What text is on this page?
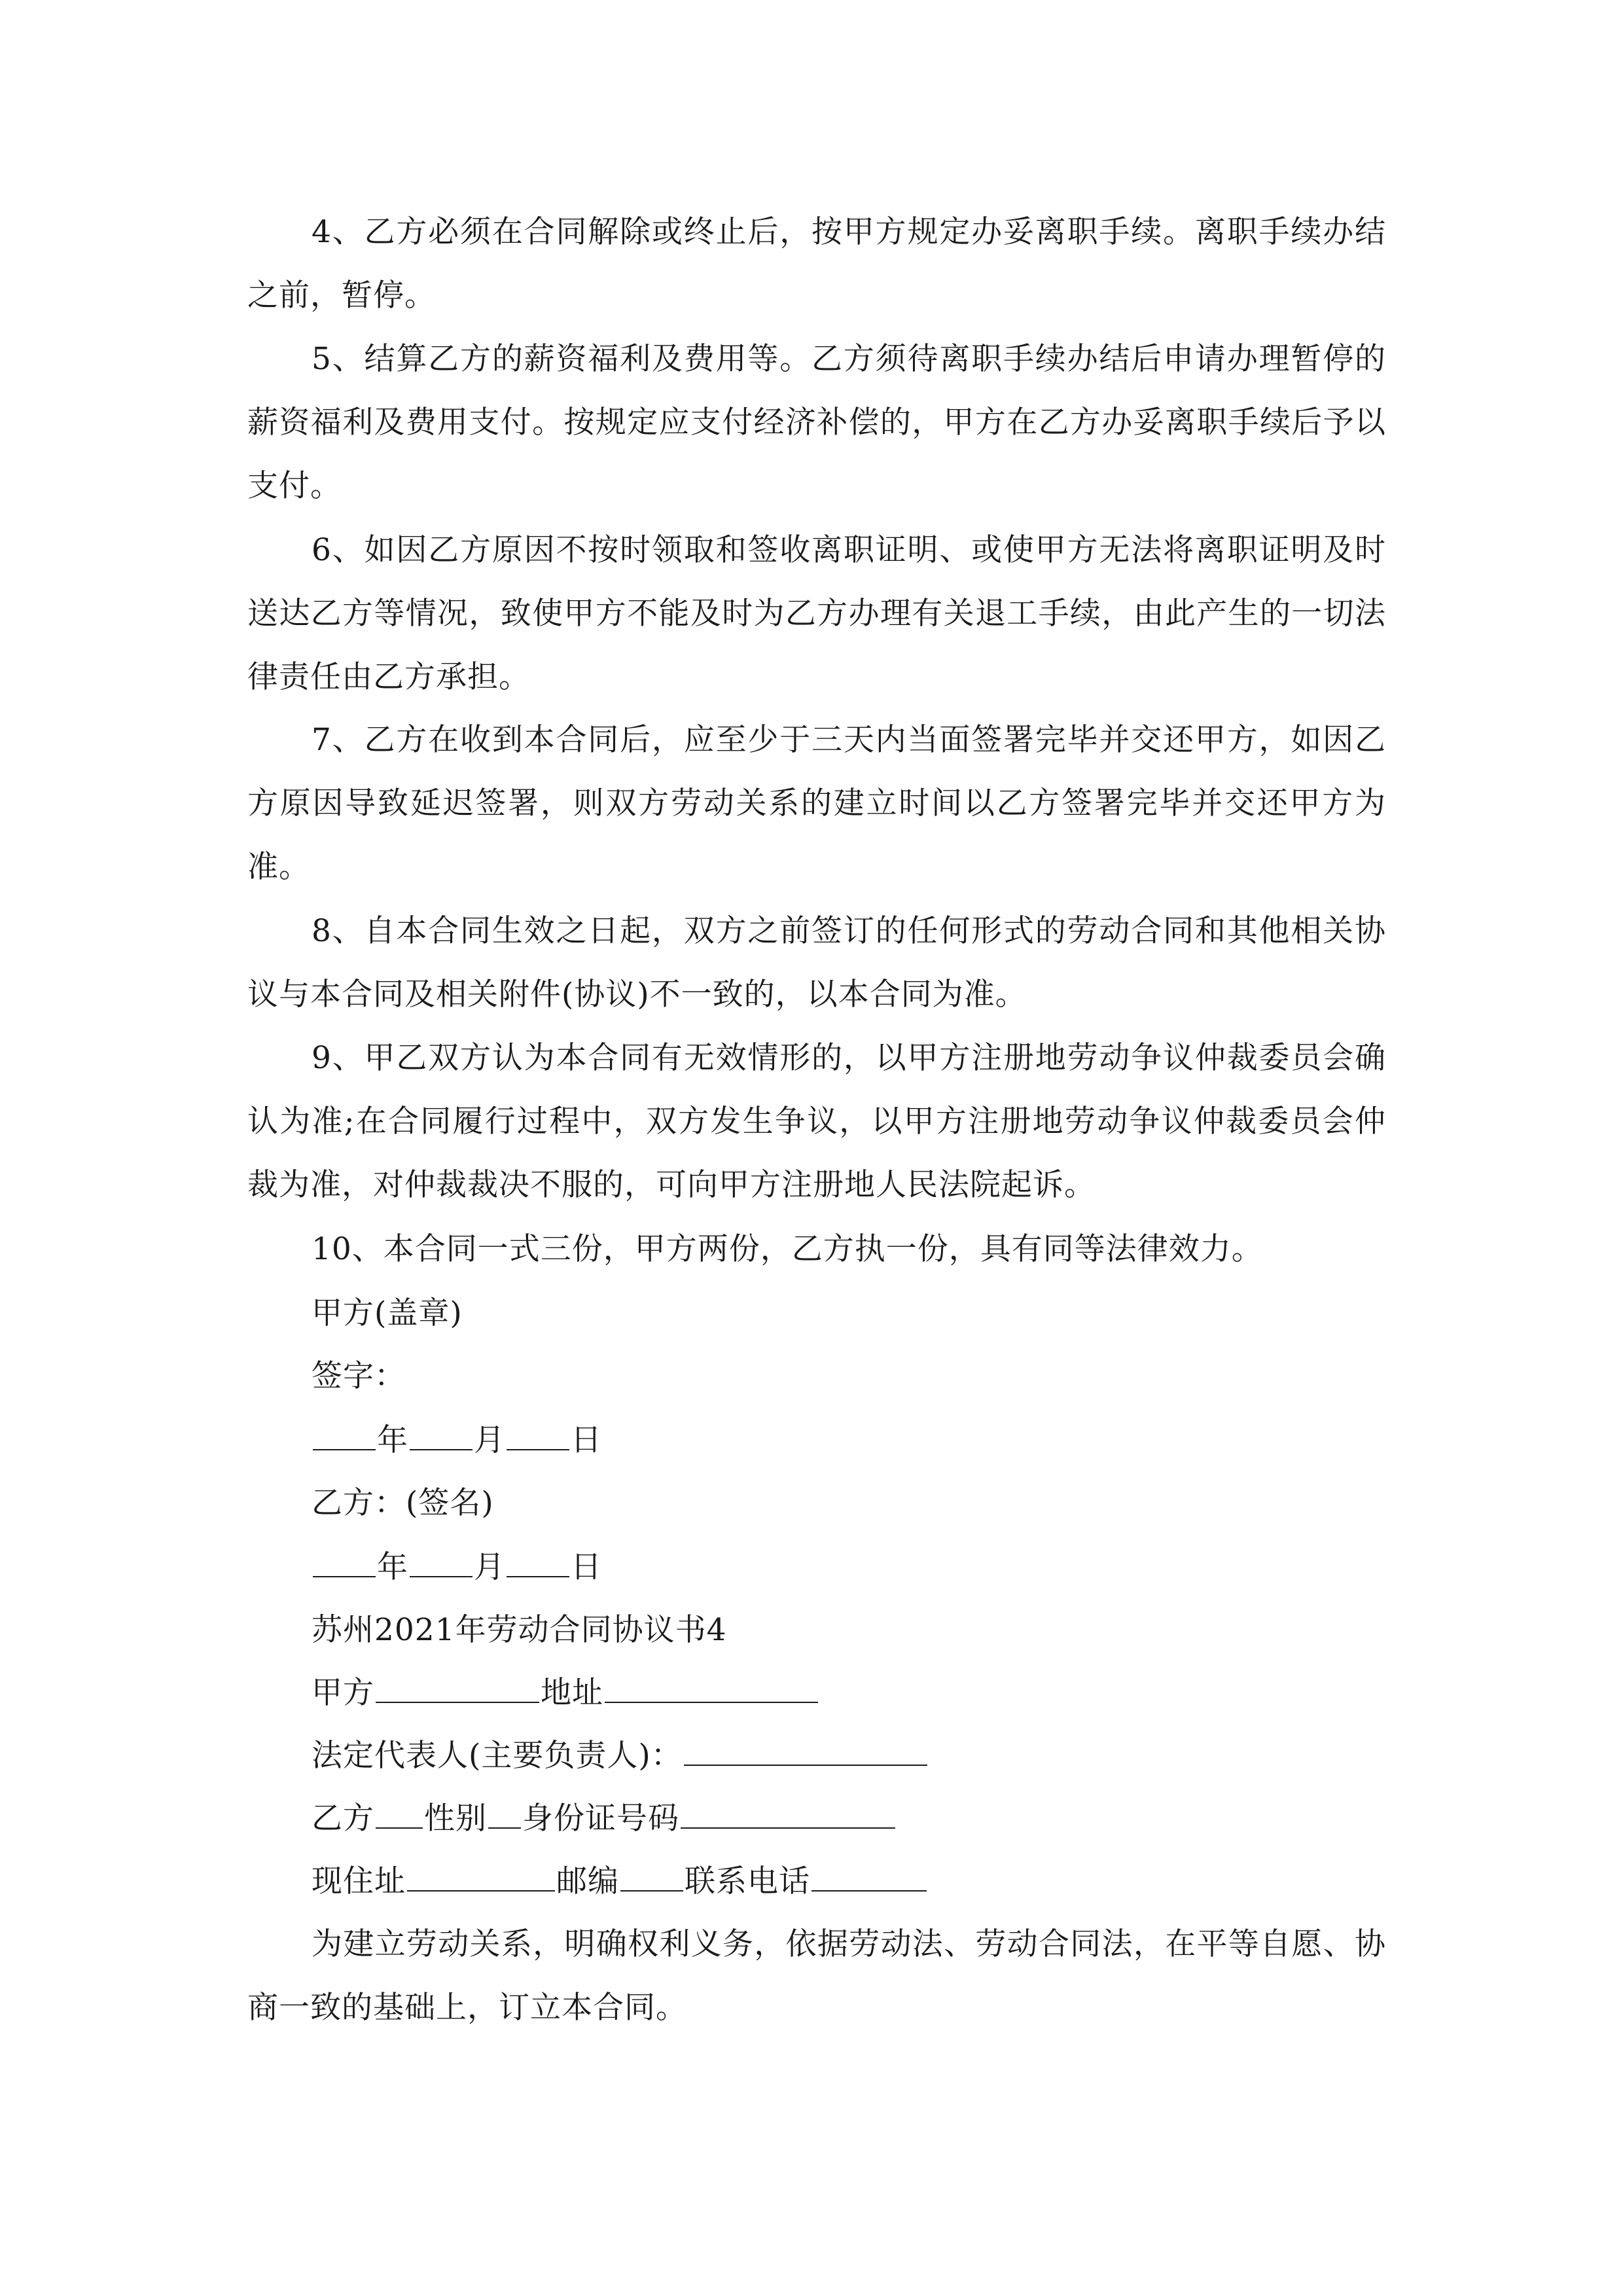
4、乙方必须在合同解除或终止后，按甲方规定办妥离职手续。离职手续办结之前，暂停。

5、结算乙方的薪资福利及费用等。乙方须待离职手续办结后申请办理暂停的薪资福利及费用支付。按规定应支付经济补偿的，甲方在乙方办妥离职手续后予以支付。

6、如因乙方原因不按时领取和签收离职证明、或使甲方无法将离职证明及时送达乙方等情况，致使甲方不能及时为乙方办理有关退工手续，由此产生的一切法律责任由乙方承担。

7、乙方在收到本合同后，应至少于三天内当面签署完毕并交还甲方，如因乙方原因导致延迟签署，则双方劳动关系的建立时间以乙方签署完毕并交还甲方为准。

8、自本合同生效之日起，双方之前签订的任何形式的劳动合同和其他相关协议与本合同及相关附件(协议)不一致的，以本合同为准。

9、甲乙双方认为本合同有无效情形的，以甲方注册地劳动争议仲裁委员会确认为准;在合同履行过程中，双方发生争议，以甲方注册地劳动争议仲裁委员会仲裁为准，对仲裁裁决不服的，可向甲方注册地人民法院起诉。

10、本合同一式三份，甲方两份，乙方执一份，具有同等法律效力。

甲方(盖章)
签字：
年 月 日
乙方：(签名)
年 月 日
苏州2021年劳动合同协议书4
甲方	地址
法定代表人(主要负责人)：
乙方 性别 身份证号码
现住址	邮编 联系电话

为建立劳动关系，明确权利义务，依据劳动法、劳动合同法，在平等自愿、协商一致的基础上，订立本合同。
